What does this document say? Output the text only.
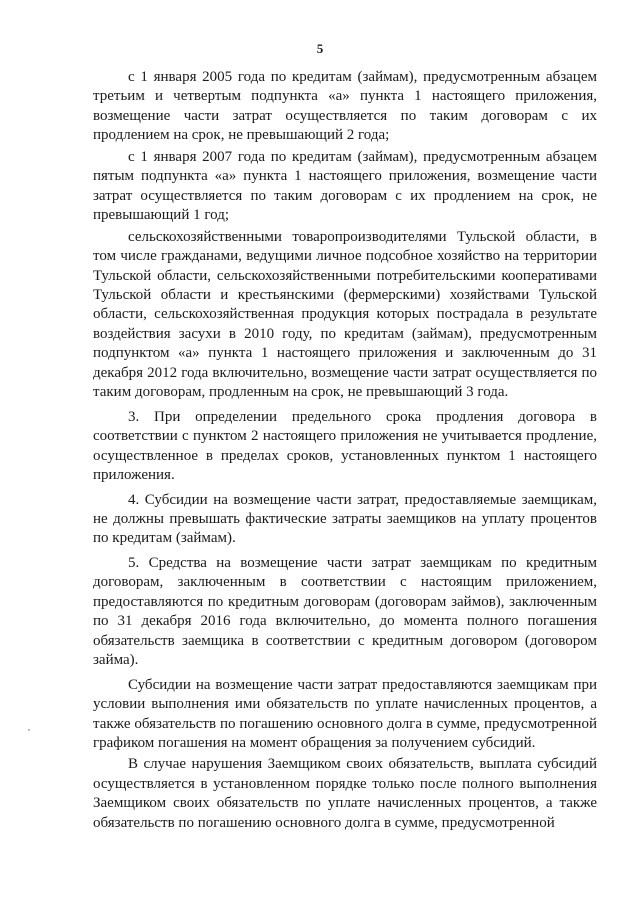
5

с 1 января 2005 года по кредитам (займам), предусмотренным абзацем третьим и четвертым подпункта «а» пункта 1 настоящего приложения, возмещение части затрат осуществляется по таким договорам с их продлением на срок, не превышающий 2 года;

с 1 января 2007 года по кредитам (займам), предусмотренным абзацем пятым подпункта «а» пункта 1 настоящего приложения, возмещение части затрат осуществляется по таким договорам с их продлением на срок, не превышающий 1 год;

сельскохозяйственными товаропроизводителями Тульской области, в том числе гражданами, ведущими личное подсобное хозяйство на территории Тульской области, сельскохозяйственными потребительскими кооперативами Тульской области и крестьянскими (фермерскими) хозяйствами Тульской области, сельскохозяйственная продукция которых пострадала в результате воздействия засухи в 2010 году, по кредитам (займам), предусмотренным подпунктом «а» пункта 1 настоящего приложения и заключенным до 31 декабря 2012 года включительно, возмещение части затрат осуществляется по таким договорам, продленным на срок, не превышающий 3 года.

3. При определении предельного срока продления договора в соответствии с пунктом 2 настоящего приложения не учитывается продление, осуществленное в пределах сроков, установленных пунктом 1 настоящего приложения.

4. Субсидии на возмещение части затрат, предоставляемые заемщикам, не должны превышать фактические затраты заемщиков на уплату процентов по кредитам (займам).

5. Средства на возмещение части затрат заемщикам по кредитным договорам, заключенным в соответствии с настоящим приложением, предоставляются по кредитным договорам (договорам займов), заключенным по 31 декабря 2016 года включительно, до момента полного погашения обязательств заемщика в соответствии с кредитным договором (договором займа).

Субсидии на возмещение части затрат предоставляются заемщикам при условии выполнения ими обязательств по уплате начисленных процентов, а также обязательств по погашению основного долга в сумме, предусмотренной графиком погашения на момент обращения за получением субсидий.

В случае нарушения Заемщиком своих обязательств, выплата субсидий осуществляется в установленном порядке только после полного выполнения Заемщиком своих обязательств по уплате начисленных процентов, а также обязательств по погашению основного долга в сумме, предусмотренной
